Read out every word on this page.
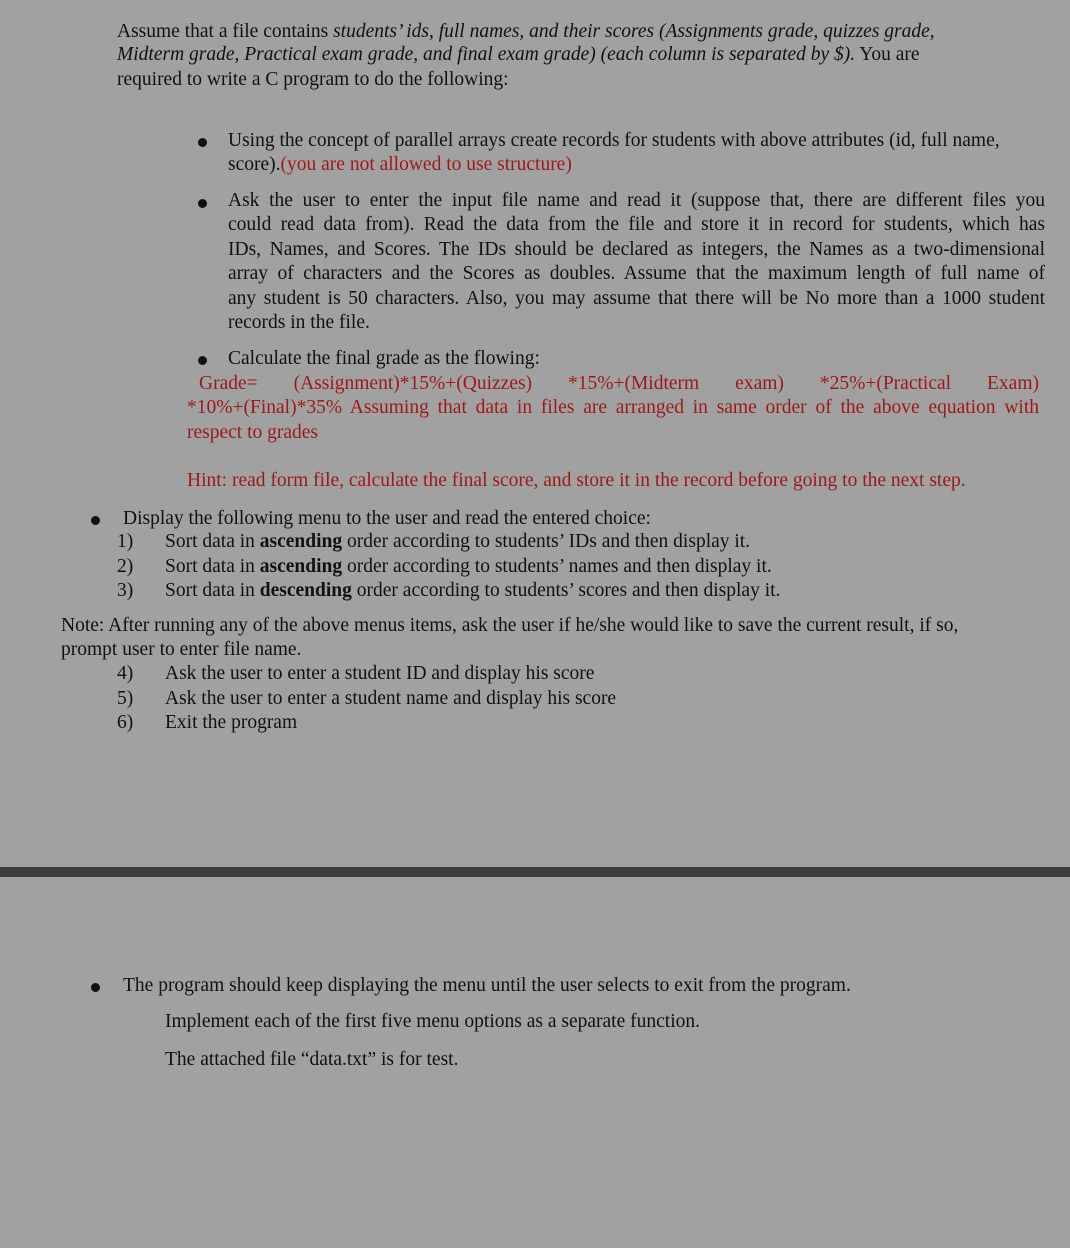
Assume that a file contains students’ ids, full names, and their scores (Assignments grade, quizzes grade,
Midterm grade, Practical exam grade, and final exam grade) (each column is separated by $). You are
required to write a C program to do the following:
Using the concept of parallel arrays create records for students with above attributes (id, full name,
score).(you are not allowed to use structure)
Ask the user to enter the input file name and read it (suppose that, there are different files you
could read data from). Read the data from the file and store it in record for students, which has
IDs, Names, and Scores. The IDs should be declared as integers, the Names as a two-dimensional
array of characters and the Scores as doubles. Assume that the maximum length of full name of
any student is 50 characters. Also, you may assume that there will be No more than a 1000 student
records in the file.
Calculate the final grade as the flowing:
Grade=   (Assignment)*15%+(Quizzes)   *15%+(Midterm   exam)   *25%+(Practical   Exam)
*10%+(Final)*35% Assuming that data in files are arranged in same order of the above equation with
respect to grades
Hint: read form file, calculate the final score, and store it in the record before going to the next step.
Display the following menu to the user and read the entered choice:
1) Sort data in ascending order according to students’ IDs and then display it.
2) Sort data in ascending order according to students’ names and then display it.
3) Sort data in descending order according to students’ scores and then display it.
Note: After running any of the above menus items, ask the user if he/she would like to save the current result, if so,
prompt user to enter file name.
4) Ask the user to enter a student ID and display his score
5) Ask the user to enter a student name and display his score
6) Exit the program
The program should keep displaying the menu until the user selects to exit from the program.
Implement each of the first five menu options as a separate function.
The attached file “data.txt” is for test.
